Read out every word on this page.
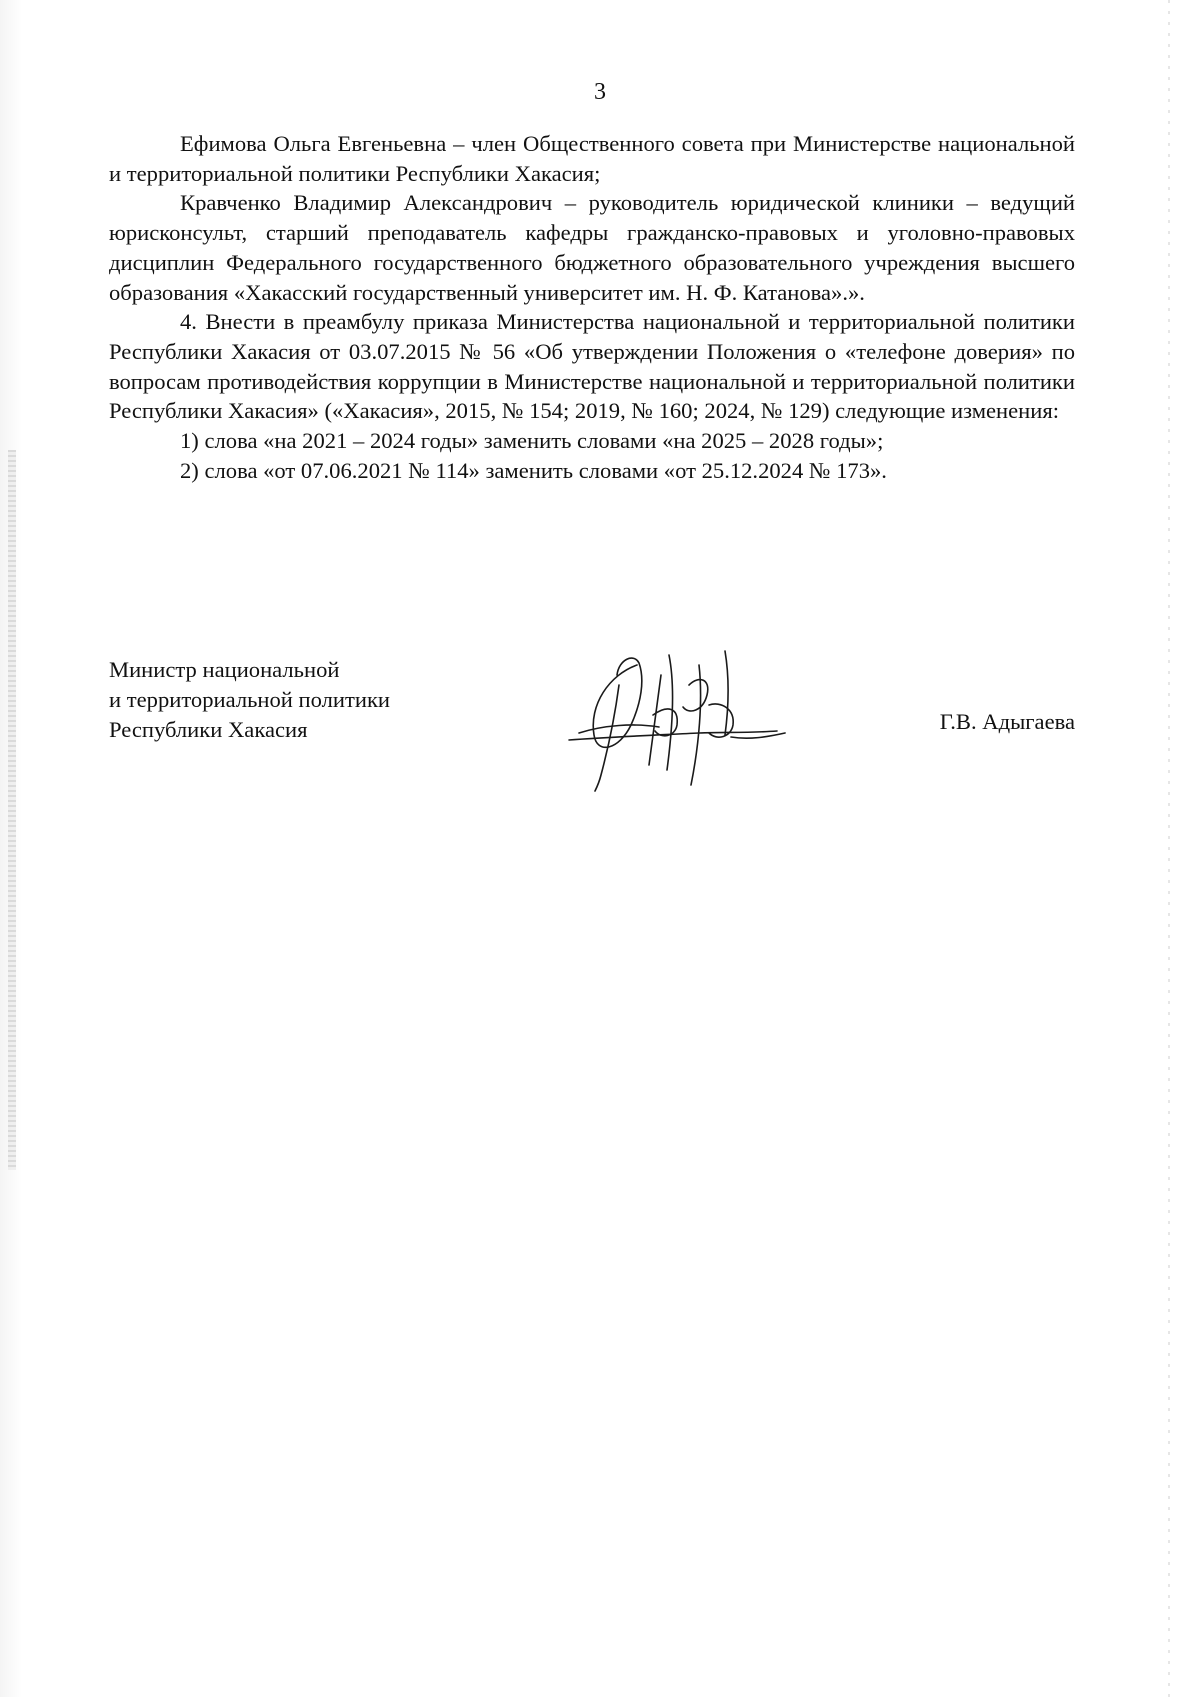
3

Ефимова Ольга Евгеньевна – член Общественного совета при Министерстве национальной и территориальной политики Республики Хакасия;

Кравченко Владимир Александрович – руководитель юридической клиники – ведущий юрисконсульт, старший преподаватель кафедры гражданско-правовых и уголовно-правовых дисциплин Федерального государственного бюджетного образовательного учреждения высшего образования «Хакасский государственный университет им. Н. Ф. Катанова».».

4. Внести в преамбулу приказа Министерства национальной и территориальной политики Республики Хакасия от 03.07.2015 № 56 «Об утверждении Положения о «телефоне доверия» по вопросам противодействия коррупции в Министерстве национальной и территориальной политики Республики Хакасия» («Хакасия», 2015, № 154; 2019, № 160; 2024, № 129) следующие изменения:

1) слова «на 2021 – 2024 годы» заменить словами «на 2025 – 2028 годы»;

2) слова «от 07.06.2021 № 114» заменить словами «от 25.12.2024 № 173».

Министр национальной
и территориальной политики
Республики Хакасия	Г.В. Адыгаева
